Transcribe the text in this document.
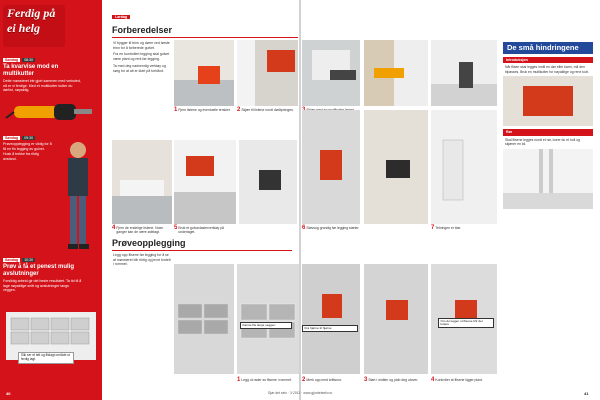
Ferdig på
ei helg
Søndag	08:30
Ta kvarvise mod en multikutter
Dette mønsteret ble gjort sammen med verksted, nå er vi ferdige. Med et multikutter kutter du dørlist, nøyaktig.
Søndag	09:30
Prøveopplegging er viktig for å få en fin legging av gulvet. Husk å trekke fra riktig avstand.
Søndag	10:30
Prøv å få et penest mulig avslutninger
Forsiktig arbeid gir det beste resultatet. Ta tid til å lage nøyaktige snitt og avslutninger langs veggen.
Slik ser et tett og flislagt område ut ferdig lagt.
Lørdag
Forberedelser

Vi bygger til trinn og dører ved første trinn for å forberede gulvet.

Fra en kontrollert legging skal gulvet være plant og rent før legging.

Ta med deg nødvendig verktøy og sørg for at alt er klart på forhånd.

1 Fjern listene og eventuelle terskler.	2 Skjær til listene rundt døråpningen.
4 Fjern de endelige listene. Noen ganger kan de være ødelagt.
5 Bruk et gulvavlasterverktøy på underlaget.
6 Støvsug grundig før legging starter.	7 Tetningen er klar.
De små hindringene
Introduksjon
Når flisen skal legges inntil en dør eller karm, må den tilpasses. Bruk en multikutter for nøyaktige og rene kutt.
Rør
Skal flisene legges rundt et rør, borer du et hull og skjærer en kil.
Prøveopplegging
Legg opp flisene før legging for å se at mønsteret blir riktig og jevnt fordelt i rommet.
Første flis langs veggen
Fra hjørne til hjørne
Om du legger ut flisene blir det lettere
1 Legg ut rader av flisene i rommet.	2 Merk opp med krittsnor.	3 Start i midten og jobb deg utover.	4 Kontroller at flisene ligger plant.
40	Gjør det selv · 3·2011 · www.gjordetselv.no	41
